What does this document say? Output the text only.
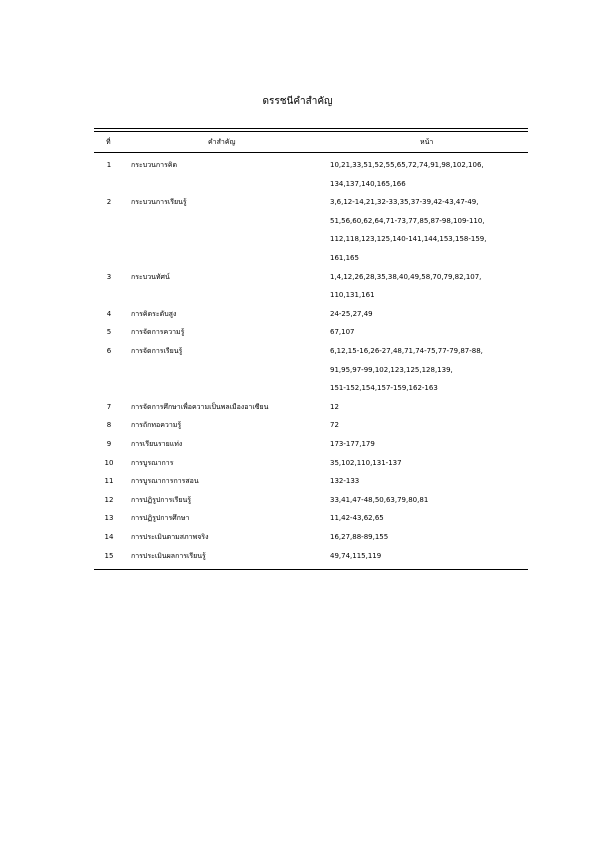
ดรรชนีคำสำคัญ
ที่	คำสำคัญ	หน้า
1	กระบวนการคิด	10,21,33,51,52,55,65,72,74,91,98,102,106,
134,137,140,165,166
2	กระบวนการเรียนรู้	3,6,12-14,21,32-33,35,37-39,42-43,47-49,
51,56,60,62,64,71-73,77,85,87-98,109-110,
112,118,123,125,140-141,144,153,158-159,
161,165
3	กระบวนทัศน์	1,4,12,26,28,35,38,40,49,58,70,79,82,107,
110,131,161
4	การคิดระดับสูง	24-25,27,49
5	การจัดการความรู้	67,107
6	การจัดการเรียนรู้	6,12,15-16,26-27,48,71,74-75,77-79,87-88,
91,95,97-99,102,123,125,128,139,
151-152,154,157-159,162-163
7	การจัดการศึกษาเพื่อความเป็นพลเมืองอาเซียน	12
8	การถักทอความรู้	72
9	การเรียนรายแท่ง	173-177,179
10	การบูรณาการ	35,102,110,131-137
11	การบูรณาการการสอน	132-133
12	การปฏิรูปการเรียนรู้	33,41,47-48,50,63,79,80,81
13	การปฏิรูปการศึกษา	11,42-43,62,65
14	การประเมินตามสภาพจริง	16,27,88-89,155
15	การประเมินผลการเรียนรู้	49,74,115,119
